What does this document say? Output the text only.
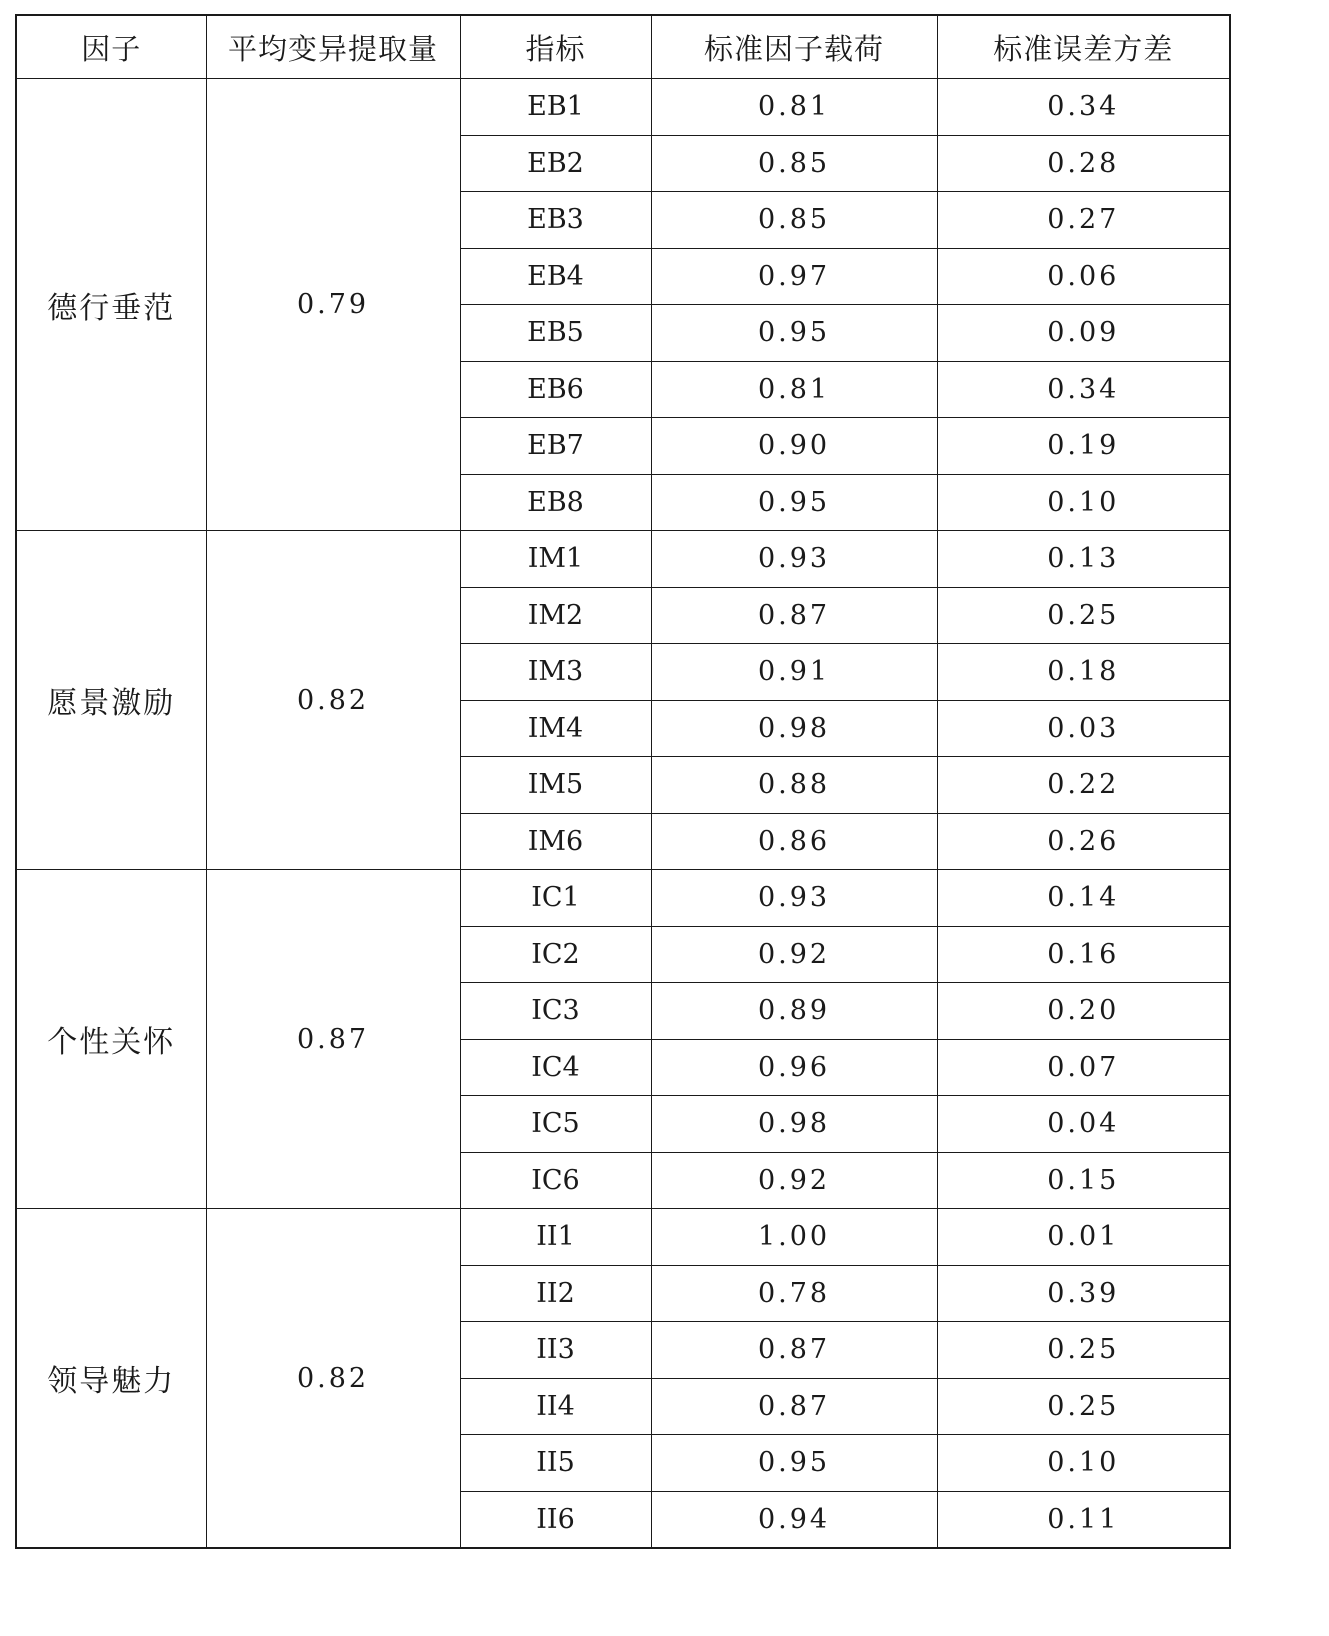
因子	平均变异提取量	指标	标准因子载荷	标准误差方差
德行垂范	0.79	EB1	0.81	0.34
		EB2	0.85	0.28
		EB3	0.85	0.27
		EB4	0.97	0.06
		EB5	0.95	0.09
		EB6	0.81	0.34
		EB7	0.90	0.19
		EB8	0.95	0.10
愿景激励	0.82	IM1	0.93	0.13
		IM2	0.87	0.25
		IM3	0.91	0.18
		IM4	0.98	0.03
		IM5	0.88	0.22
		IM6	0.86	0.26
个性关怀	0.87	IC1	0.93	0.14
		IC2	0.92	0.16
		IC3	0.89	0.20
		IC4	0.96	0.07
		IC5	0.98	0.04
		IC6	0.92	0.15
领导魅力	0.82	II1	1.00	0.01
		II2	0.78	0.39
		II3	0.87	0.25
		II4	0.87	0.25
		II5	0.95	0.10
		II6	0.94	0.11
